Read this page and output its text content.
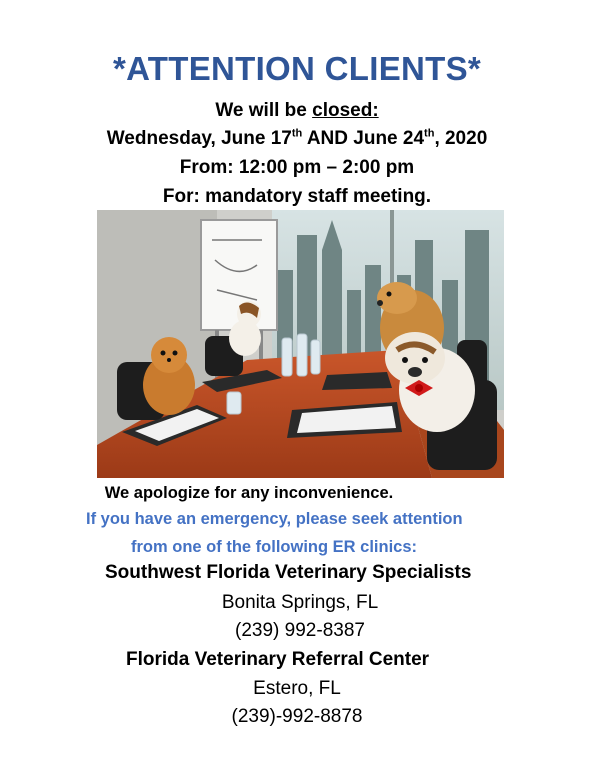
*ATTENTION CLIENTS*
We will be closed:
Wednesday, June 17th AND June 24th, 2020
From: 12:00 pm – 2:00 pm
For: mandatory staff meeting.
We apologize for any inconvenience.
If you have an emergency, please seek attention
from one of the following ER clinics:
Southwest Florida Veterinary Specialists
Bonita Springs, FL
(239) 992-8387
Florida Veterinary Referral Center
Estero, FL
(239)-992-8878
